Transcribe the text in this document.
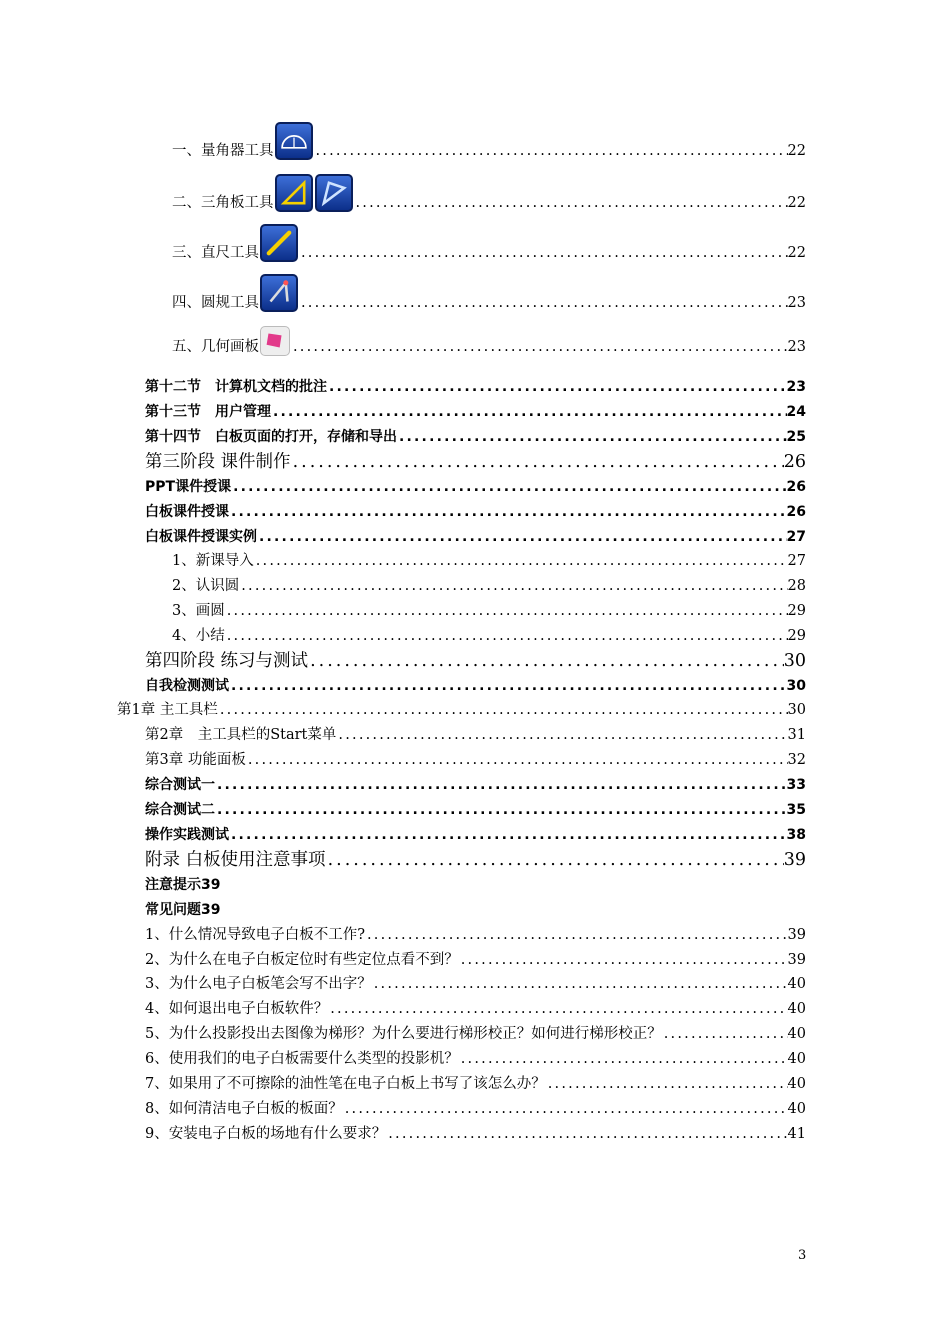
一、量角器工具 .....	22
二、三角板工具 .....	22
三、直尺工具 .....	22
四、圆规工具 .....	23
五、几何画板 .....	23
第十二节　计算机文档的批注 .....	23
第十三节　用户管理 .....	24
第十四节　白板页面的打开，存储和导出 .....	25
第三阶段 课件制作 .....	26
PPT课件授课 .....	26
白板课件授课 .....	26
白板课件授课实例 .....	27
1、新课导入 .....	27
2、认识圆 .....	28
3、画圆 .....	29
4、小结 .....	29
第四阶段 练习与测试 .....	30
自我检测测试 .....	30
第1章 主工具栏 .....	30
第2章　主工具栏的Start菜单 .....	31
第3章 功能面板 .....	32
综合测试一 .....	33
综合测试二 .....	35
操作实践测试 .....	38
附录 白板使用注意事项 .....	39
注意提示39
常见问题39
1、什么情况导致电子白板不工作? .....	39
2、为什么在电子白板定位时有些定位点看不到？ .....	39
3、为什么电子白板笔会写不出字？ .....	40
4、如何退出电子白板软件？ .....	40
5、为什么投影投出去图像为梯形？为什么要进行梯形校正？如何进行梯形校正？ .....	40
6、使用我们的电子白板需要什么类型的投影机？ .....	40
7、如果用了不可擦除的油性笔在电子白板上书写了该怎么办？ .....	40
8、如何清洁电子白板的板面？ .....	40
9、安装电子白板的场地有什么要求？ .....	41
3
